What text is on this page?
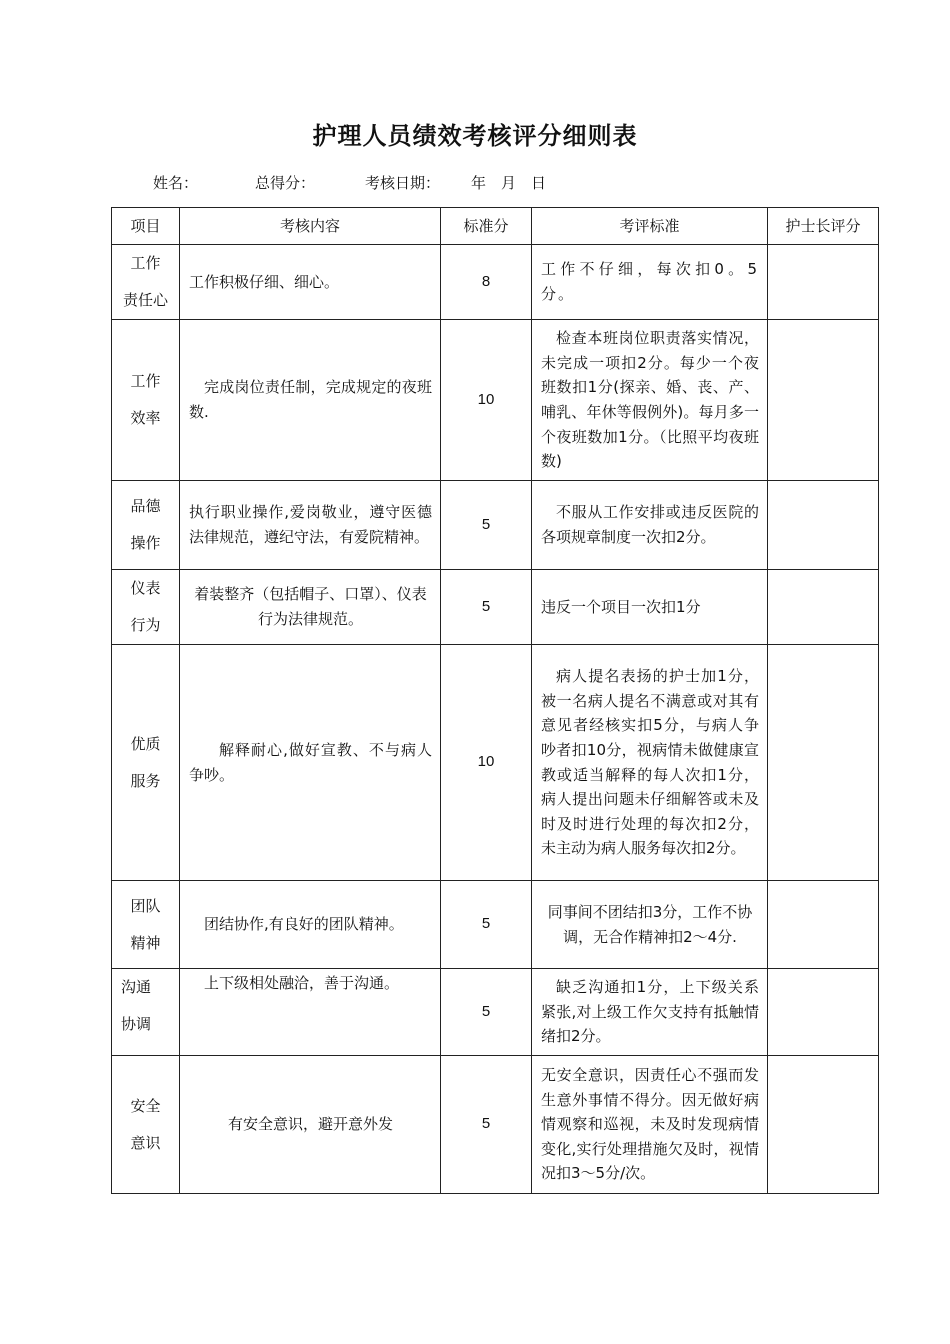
护理人员绩效考核评分细则表
姓名：	总得分：	考核日期： 年　月　日
项目	考核内容	标准分	考评标准	护士长评分
工作
责任心	工作积极仔细、细心。	8	工作不仔细，每次扣0。5分。	
工作
效率	完成岗位责任制，完成规定的夜班数.	10	检查本班岗位职责落实情况，未完成一项扣2分。每少一个夜班数扣1分(探亲、婚、丧、产、哺乳、年休等假例外)。每月多一个夜班数加1分。（比照平均夜班数)	
品德
操作	执行职业操作,爱岗敬业，遵守医德法律规范，遵纪守法，有爱院精神。	5	不服从工作安排或违反医院的各项规章制度一次扣2分。	
仪表
行为	着装整齐（包括帽子、口罩）、仪表行为法律规范。	5	违反一个项目一次扣1分	
优质
服务	解释耐心,做好宣教、不与病人争吵。	10	病人提名表扬的护士加1分，被一名病人提名不满意或对其有意见者经核实扣5分，与病人争吵者扣10分，视病情未做健康宣教或适当解释的每人次扣1分，病人提出问题未仔细解答或未及时及时进行处理的每次扣2分，未主动为病人服务每次扣2分。	
团队
精神	团结协作,有良好的团队精神。	5	同事间不团结扣3分，工作不协调，无合作精神扣2～4分.	
沟通
协调	上下级相处融洽，善于沟通。	5	缺乏沟通扣1分，上下级关系紧张,对上级工作欠支持有抵触情绪扣2分。	
安全
意识	有安全意识，避开意外发	5	无安全意识，因责任心不强而发生意外事情不得分。因无做好病情观察和巡视，未及时发现病情变化,实行处理措施欠及时，视情况扣3～5分/次。	
